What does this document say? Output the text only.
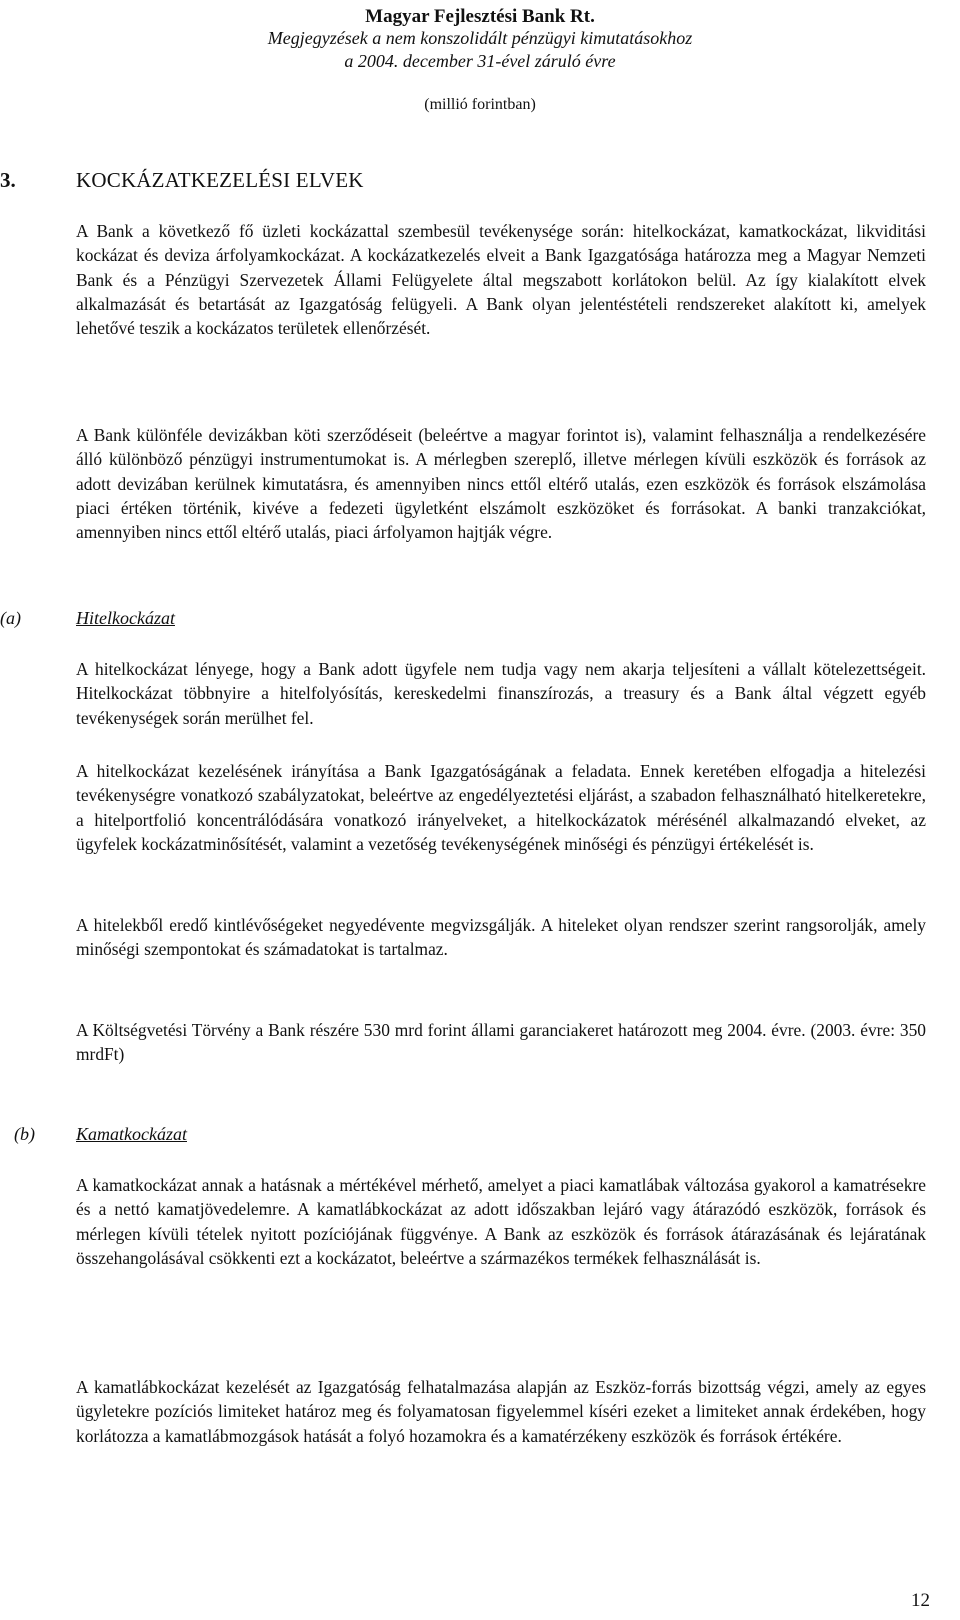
Magyar Fejlesztési Bank Rt.
Megjegyzések a nem konszolidált pénzügyi kimutatásokhoz
a 2004. december 31-ével záruló évre
(millió forintban)
3.	KOCKÁZATKEZELÉSI ELVEK

A Bank a következő fő üzleti kockázattal szembesül tevékenysége során: hitelkockázat, kamatkockázat, likviditási kockázat és deviza árfolyamkockázat. A kockázatkezelés elveit a Bank Igazgatósága határozza meg a Magyar Nemzeti Bank és a Pénzügyi Szervezetek Állami Felügyelete által megszabott korlátokon belül. Az így kialakított elvek alkalmazását és betartását az Igazgatóság felügyeli. A Bank olyan jelentéstételi rendszereket alakított ki, amelyek lehetővé teszik a kockázatos területek ellenőrzését.

A Bank különféle devizákban köti szerződéseit (beleértve a magyar forintot is), valamint felhasználja a rendelkezésére álló különböző pénzügyi instrumentumokat is. A mérlegben szereplő, illetve mérlegen kívüli eszközök és források az adott devizában kerülnek kimutatásra, és amennyiben nincs ettől eltérő utalás, ezen eszközök és források elszámolása piaci értéken történik, kivéve a fedezeti ügyletként elszámolt eszközöket és forrásokat. A banki tranzakciókat, amennyiben nincs ettől eltérő utalás, piaci árfolyamon hajtják végre.

(a)	Hitelkockázat

A hitelkockázat lényege, hogy a Bank adott ügyfele nem tudja vagy nem akarja teljesíteni a vállalt kötelezettségeit. Hitelkockázat többnyire a hitelfolyósítás, kereskedelmi finanszírozás, a treasury és a Bank által végzett egyéb tevékenységek során merülhet fel.

A hitelkockázat kezelésének irányítása a Bank Igazgatóságának a feladata. Ennek keretében elfogadja a hitelezési tevékenységre vonatkozó szabályzatokat, beleértve az engedélyeztetési eljárást, a szabadon felhasználható hitelkeretekre, a hitelportfolió koncentrálódására vonatkozó irányelveket, a hitelkockázatok mérésénél alkalmazandó elveket, az ügyfelek kockázatminősítését, valamint a vezetőség tevékenységének minőségi és pénzügyi értékelését is.

A hitelekből eredő kintlévőségeket negyedévente megvizsgálják. A hiteleket olyan rendszer szerint rangsorolják, amely minőségi szempontokat és számadatokat is tartalmaz.

A Költségvetési Törvény a Bank részére 530 mrd forint állami garanciakeret határozott meg 2004. évre. (2003. évre: 350 mrdFt)

(b) Kamatkockázat

A kamatkockázat annak a hatásnak a mértékével mérhető, amelyet a piaci kamatlábak változása gyakorol a kamatrésekre és a nettó kamatjövedelemre. A kamatlábkockázat az adott időszakban lejáró vagy átárazódó eszközök, források és mérlegen kívüli tételek nyitott pozíciójának függvénye. A Bank az eszközök és források átárazásának és lejáratának összehangolásával csökkenti ezt a kockázatot, beleértve a származékos termékek felhasználását is.

A kamatlábkockázat kezelését az Igazgatóság felhatalmazása alapján az Eszköz-forrás bizottság végzi, amely az egyes ügyletekre pozíciós limiteket határoz meg és folyamatosan figyelemmel kíséri ezeket a limiteket annak érdekében, hogy korlátozza a kamatlábmozgások hatását a folyó hozamokra és a kamatérzékeny eszközök és források értékére.

12
